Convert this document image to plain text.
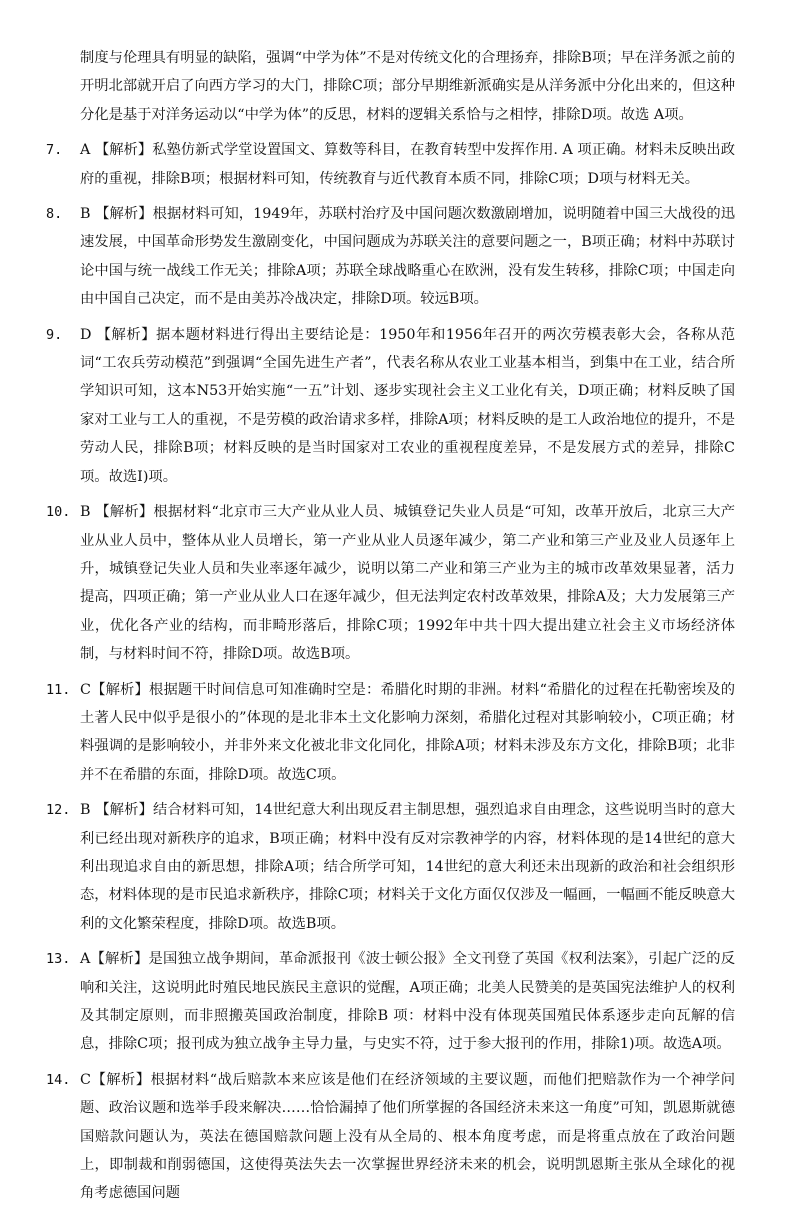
制度与伦理具有明显的缺陷，强调“中学为体”不是对传统文化的合理扬弃，排除B项；早在洋务派之前的开明北部就开启了向西方学习的大门，排除C项；部分早期维新派确实是从洋务派中分化出来的，但这种分化是基于对洋务运动以“中学为体”的反思，材料的逻辑关系恰与之相悖，排除D项。故选 A项。

7.	A 【解析】私塾仿新式学堂设置国文、算数等科目，在教育转型中发挥作用. A 项正确。材料未反映出政府的重视，排除B项；根据材料可知，传统教育与近代教育本质不同，排除C项；D项与材料无关。

8.	B 【解析】根据材料可知，1949年，苏联村治疗及中国问题次数激剧增加，说明随着中国三大战役的迅速发展，中国革命形势发生激剧变化，中国问题成为苏联关注的意要问题之一，B项正确；材料中苏联讨论中国与统一战线工作无关；排除A项；苏联全球战略重心在欧洲，没有发生转移，排除C项；中国走向由中国自己决定，而不是由美苏冷战决定，排除D项。较远B项。

9.	D 【解析】据本题材料进行得出主要结论是：1950年和1956年召开的两次劳模表彰大会，各称从范词“工农兵劳动模范”到强调“全国先进生产者”，代表名称从农业工业基本相当，到集中在工业，结合所学知识可知，这本N53开始实施“一五”计划、逐步实现社会主义工业化有关，D项正确；材料反映了国家对工业与工人的重视，不是劳模的政治请求多样，排除A项；材料反映的是工人政治地位的提升，不是劳动人民，排除B项；材料反映的是当时国家对工农业的重视程度差异，不是发展方式的差异，排除C项。故选I)项。

10. B 【解析】根据材料“北京市三大产业从业人员、城镇登记失业人员是“可知，改革开放后，北京三大产业从业人员中，整体从业人员增长，第一产业从业人员逐年减少，第二产业和第三产业及业人员逐年上升，城镇登记失业人员和失业率逐年减少，说明以第二产业和第三产业为主的城市改革效果显著，活力提高，四项正确；第一产业从业人口在逐年减少，但无法判定农村改革效果，排除A及；大力发展第三产业，优化各产业的结构，而非畸形落后，排除C项；1992年中共十四大提出建立社会主义市场经济体制，与材料时间不符，排除D项。故选B项。

11. C【解析】根据题干时间信息可知准确时空是：希腊化时期的非洲。材料“希腊化的过程在托勒密埃及的土著人民中似乎是很小的”体现的是北非本土文化影响力深刻，希腊化过程对其影响较小，C项正确；材料强调的是影响较小，并非外来文化被北非文化同化，排除A项；材料未涉及东方文化，排除B项；北非并不在希腊的东面，排除D项。故选C项。

12. B 【解析】结合材料可知，14世纪意大利出现反君主制思想，强烈追求自由理念，这些说明当时的意大利已经出现对新秩序的追求，B项正确；材料中没有反对宗教神学的内容，材料体现的是14世纪的意大利出现追求自由的新思想，排除A项；结合所学可知，14世纪的意大利还未出现新的政治和社会组织形态，材料体现的是市民追求新秩序，排除C项；材料关于文化方面仅仅涉及一幅画，一幅画不能反映意大利的文化繁荣程度，排除D项。故选B项。

13. A【解析】是国独立战争期间，革命派报刊《波士顿公报》全文刊登了英国《权利法案》，引起广泛的反响和关注，这说明此时殖民地民族民主意识的觉醒，A项正确；北美人民赞美的是英国宪法维护人的权利及其制定原则，而非照搬英国政治制度，排除B 项：材料中没有体现英国殖民体系逐步走向瓦解的信息，排除C项；报刊成为独立战争主导力量，与史实不符，过于参大报刊的作用，排除1)项。故选A项。

14. C【解析】根据材料“战后赔款本来应该是他们在经济领域的主要议题，而他们把赔款作为一个神学问题、政治议题和选举手段来解决……恰恰漏掉了他们所掌握的各国经济未来这一角度”可知，凯恩斯就德国赔款问题认为，英法在德国赔款问题上没有从全局的、根本角度考虑，而是将重点放在了政治问题上，即制裁和削弱德国，这使得英法失去一次掌握世界经济未来的机会，说明凯恩斯主张从全球化的视角考虑德国问题
